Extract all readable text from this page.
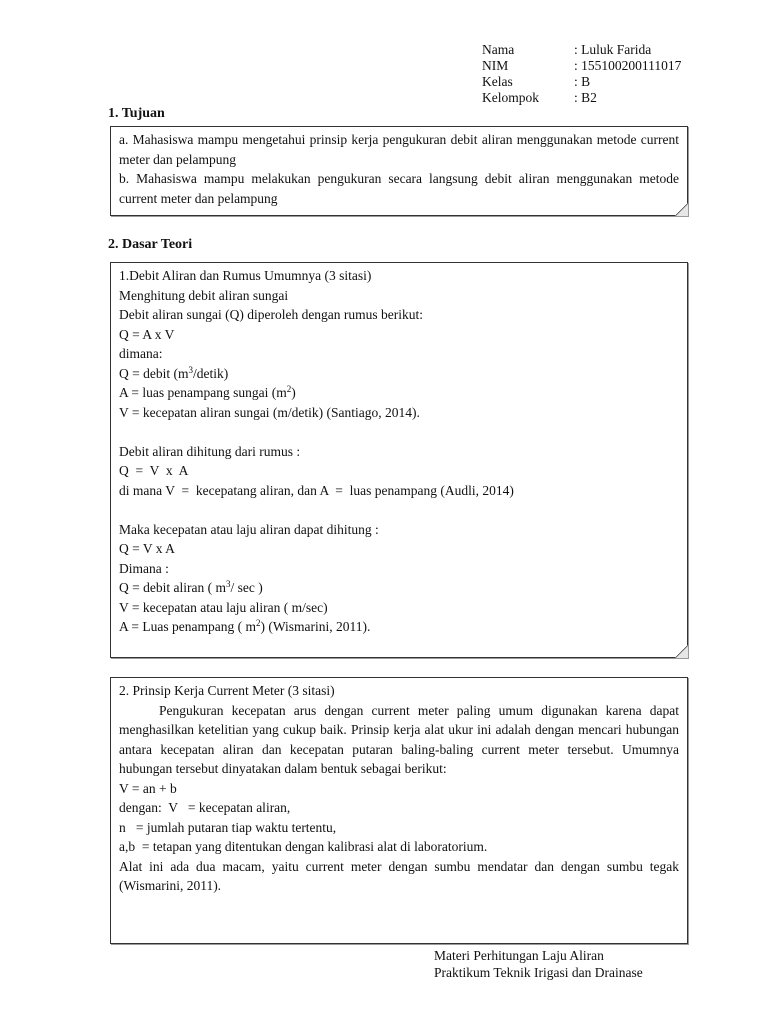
Nama	: Luluk Farida
NIM	: 155100200111017
Kelas	: B
Kelompok	: B2
1. Tujuan

a. Mahasiswa mampu mengetahui prinsip kerja pengukuran debit aliran menggunakan metode current meter dan pelampung

b. Mahasiswa mampu melakukan pengukuran secara langsung debit aliran menggunakan metode current meter dan pelampung

2. Dasar Teori

1.Debit Aliran dan Rumus Umumnya (3 sitasi)

Menghitung debit aliran sungai

Debit aliran sungai (Q) diperoleh dengan rumus berikut:

Q = A x V

dimana:

Q = debit $(m^3/detik)$

A = luas penampang sungai $(m^2)$

V = kecepatan aliran sungai (m/detik) (Santiago, 2014).

Debit aliran dihitung dari rumus :

Q  =  V  x  A

di mana V  =  kecepatang aliran, dan A  =  luas penampang (Audli, 2014)

Maka kecepatan atau laju aliran dapat dihitung :

Q = V x A

Dimana :

Q = debit aliran ( $m^3/$ sec )

V = kecepatan atau laju aliran ( m/sec)

A = Luas penampang ( $m^2$) (Wismarini, 2011).

2. Prinsip Kerja Current Meter (3 sitasi)

Pengukuran kecepatan arus dengan current meter paling umum digunakan karena dapat menghasilkan ketelitian yang cukup baik. Prinsip kerja alat ukur ini adalah dengan mencari hubungan antara kecepatan aliran dan kecepatan putaran baling-baling current meter tersebut. Umumnya hubungan tersebut dinyatakan dalam bentuk sebagai berikut:

V = an + b

dengan:  V   = kecepatan aliran,

n   = jumlah putaran tiap waktu tertentu,

a,b  = tetapan yang ditentukan dengan kalibrasi alat di laboratorium.

Alat ini ada dua macam, yaitu current meter dengan sumbu mendatar dan dengan sumbu tegak (Wismarini, 2011).

Materi Perhitungan Laju Aliran
Praktikum Teknik Irigasi dan Drainase
